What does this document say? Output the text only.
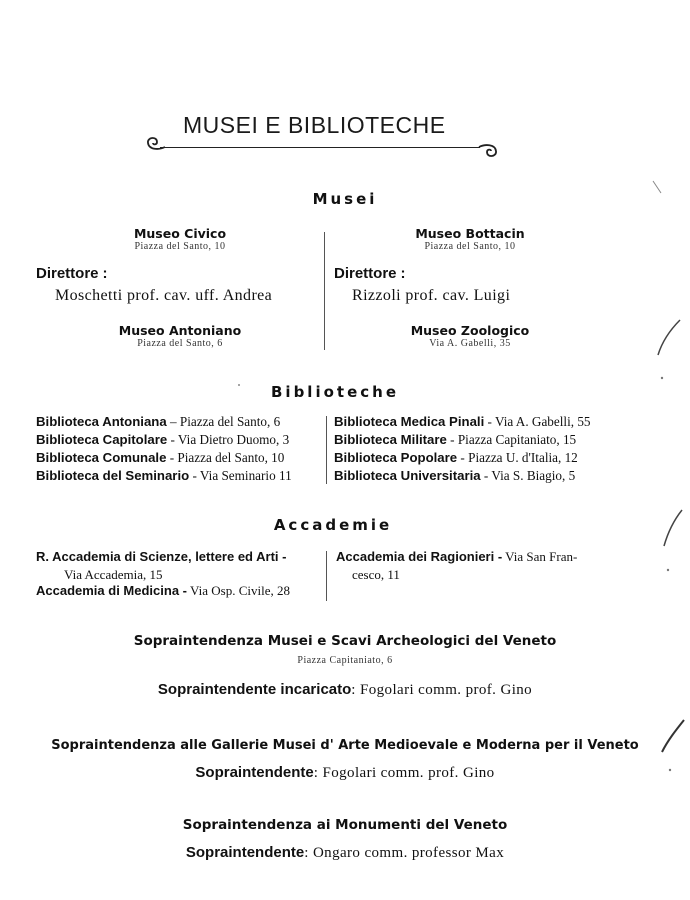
MUSEI E BIBLIOTECHE
Musei
Museo Civico
Piazza del Santo, 10
Direttore :
Moschetti prof. cav. uff. Andrea
Museo Antoniano
Piazza del Santo, 6
Museo Bottacin
Piazza del Santo, 10
Direttore :
Rizzoli prof. cav. Luigi
Museo Zoologico
Via A. Gabelli, 35
Biblioteche
Biblioteca Antoniana – Piazza del Santo, 6
Biblioteca Capitolare - Via Dietro Duomo, 3
Biblioteca Comunale - Piazza del Santo, 10
Biblioteca del Seminario - Via Seminario 11
Biblioteca Medica Pinali - Via A. Gabelli, 55
Biblioteca Militare - Piazza Capitaniato, 15
Biblioteca Popolare - Piazza U. d'Italia, 12
Biblioteca Universitaria - Via S. Biagio, 5
Accademie
R. Accademia di Scienze, lettere ed Arti -
Via Accademia, 15
Accademia di Medicina - Via Osp. Civile, 28
Accademia dei Ragionieri - Via San Fran-
cesco, 11
Sopraintendenza Musei e Scavi Archeologici del Veneto
Piazza Capitaniato, 6
Sopraintendente incaricato: Fogolari comm. prof. Gino
Sopraintendenza alle Gallerie Musei d' Arte Medioevale e Moderna per il Veneto
Sopraintendente: Fogolari comm. prof. Gino
Sopraintendenza ai Monumenti del Veneto
Sopraintendente: Ongaro comm. professor Max
